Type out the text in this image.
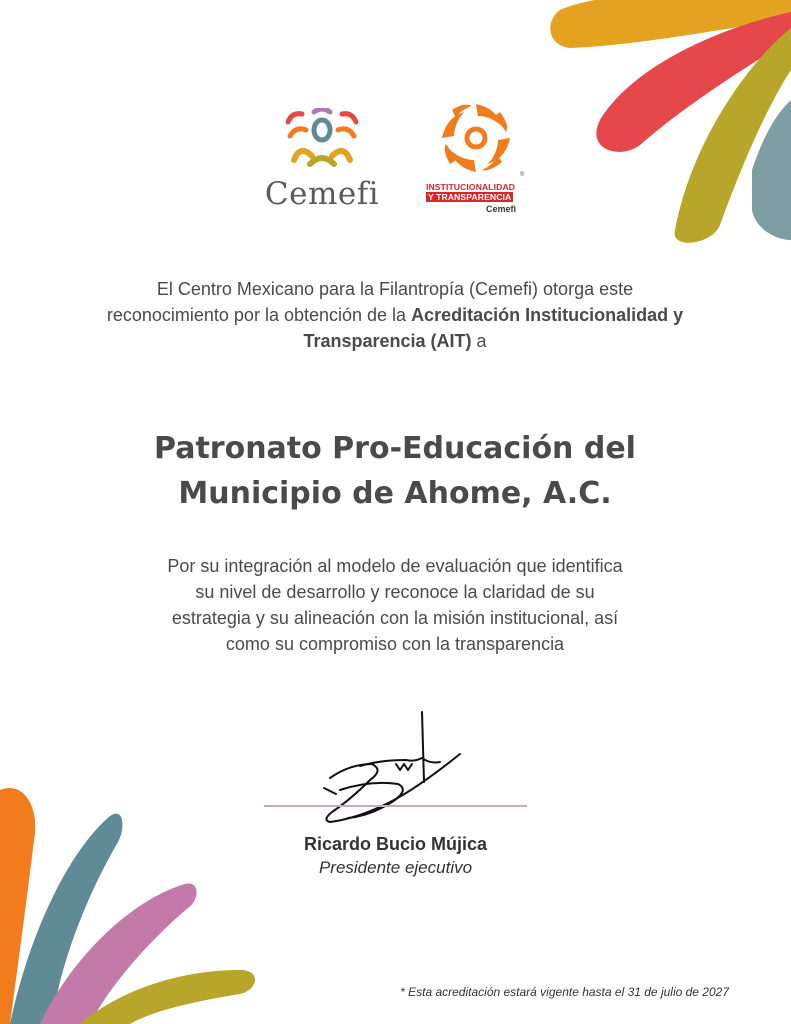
Cemefi
®
INSTITUCIONALIDAD
Y TRANSPARENCIA
Cemefi
El Centro Mexicano para la Filantropía (Cemefi) otorga este reconocimiento por la obtención de la Acreditación Institucionalidad y Transparencia (AIT) a
Patronato Pro-Educación del
Municipio de Ahome, A.C.
Por su integración al modelo de evaluación que identifica
su nivel de desarrollo y reconoce la claridad de su
estrategia y su alineación con la misión institucional, así
como su compromiso con la transparencia
Ricardo Bucio Mújica
Presidente ejecutivo
* Esta acreditación estará vigente hasta el 31 de julio de 2027
